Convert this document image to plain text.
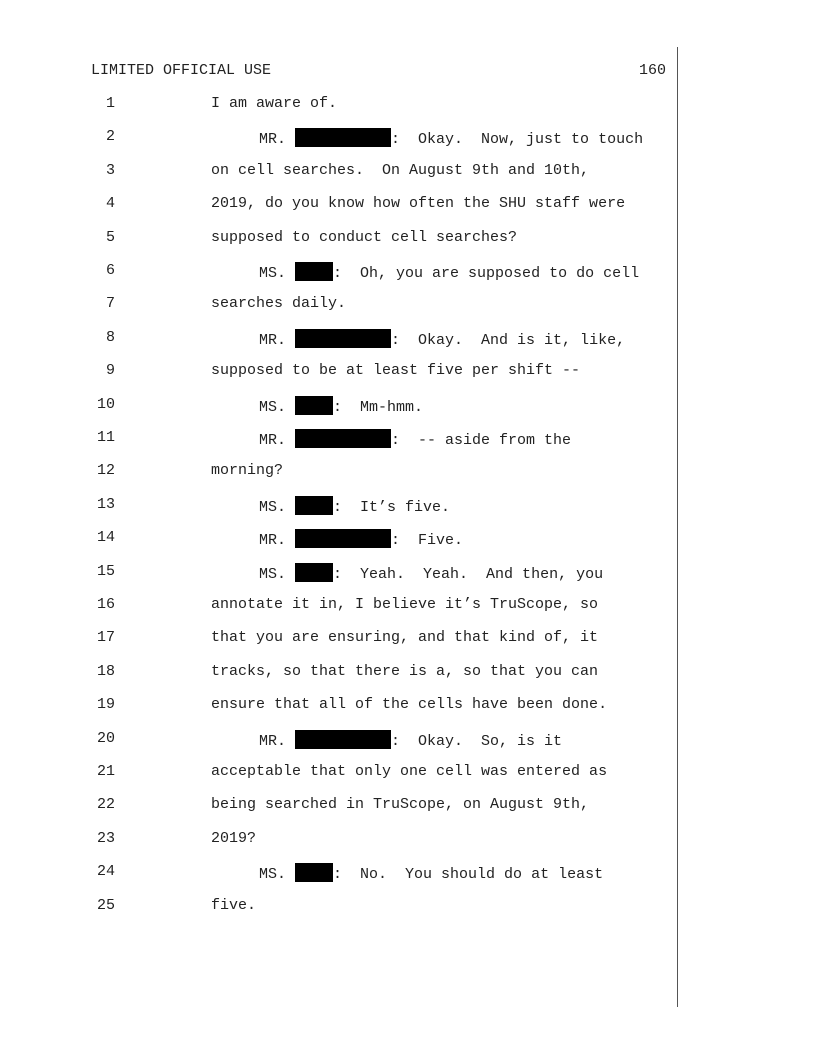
LIMITED OFFICIAL USE	160
1	I am aware of.
2	MR.	:  Okay.  Now, just to touch
3	on cell searches.  On August 9th and 10th,
4	2019, do you know how often the SHU staff were
5	supposed to conduct cell searches?
6	MS.	:  Oh, you are supposed to do cell
7	searches daily.
8	MR.	:  Okay.  And is it, like,
9	supposed to be at least five per shift --
10	MS.	:  Mm-hmm.
11	MR.	:  -- aside from the
12	morning?
13	MS.	:  It’s five.
14	MR.	:  Five.
15	MS.	:  Yeah.  Yeah.  And then, you
16	annotate it in, I believe it’s TruScope, so
17	that you are ensuring, and that kind of, it
18	tracks, so that there is a, so that you can
19	ensure that all of the cells have been done.
20	MR.	:  Okay.  So, is it
21	acceptable that only one cell was entered as
22	being searched in TruScope, on August 9th,
23	2019?
24	MS.	:  No.  You should do at least
25	five.
